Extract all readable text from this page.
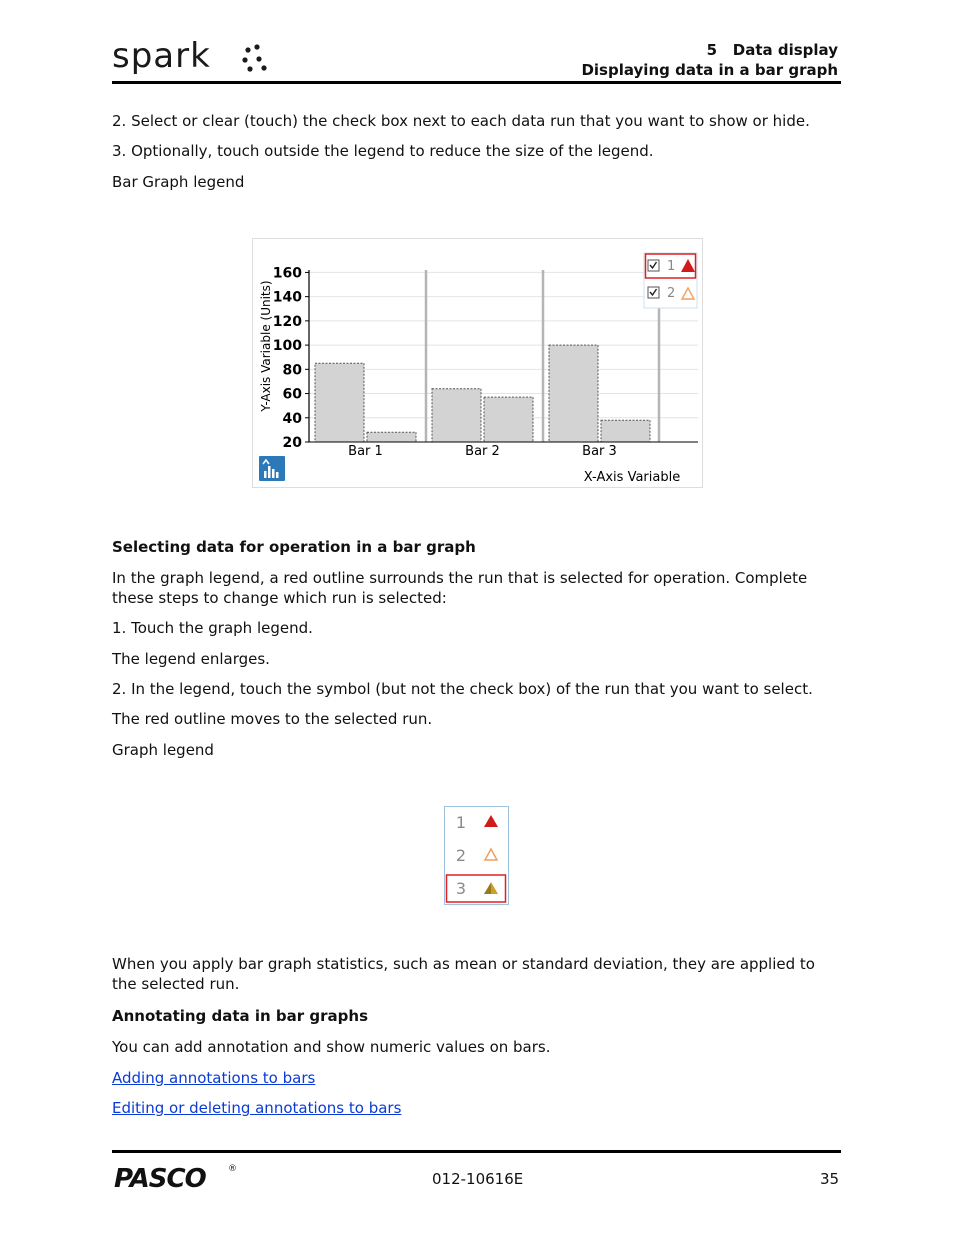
spark	5   Data display
Displaying data in a bar graph
2. Select or clear (touch) the check box next to each data run that you want to show or hide.
3. Optionally, touch outside the legend to reduce the size of the legend.
Bar Graph legend
20
40
60
80
100
120
140
160
Bar 1	Bar 2	Bar 3
Y-Axis Variable (Units)
X-Axis Variable
1
2
Selecting data for operation in a bar graph
In the graph legend, a red outline surrounds the run that is selected for operation. Complete these steps to change which run is selected:
1. Touch the graph legend.
The legend enlarges.
2. In the legend, touch the symbol (but not the check box) of the run that you want to select.
The red outline moves to the selected run.
Graph legend
1
2
3
When you apply bar graph statistics, such as mean or standard deviation, they are applied to the selected run.
Annotating data in bar graphs
You can add annotation and show numeric values on bars.
Adding annotations to bars
Editing or deleting annotations to bars
PASCO ®
012-10616E	35
